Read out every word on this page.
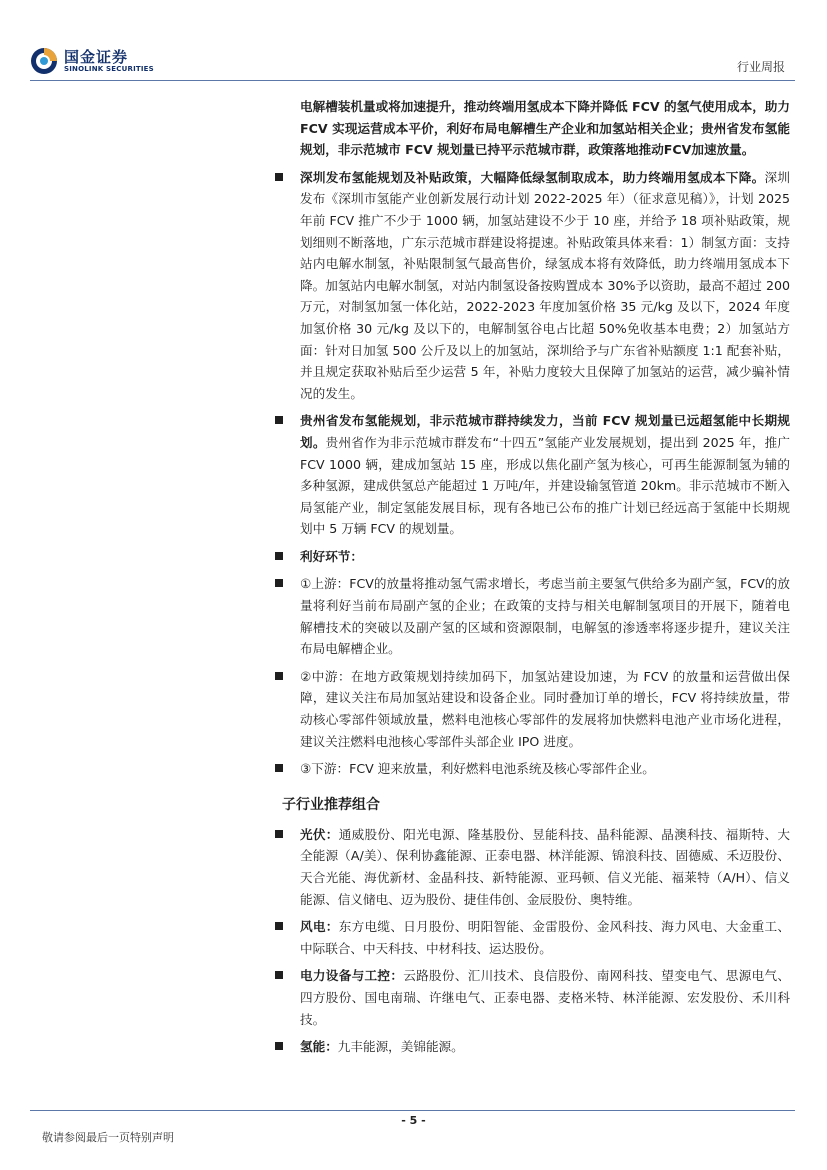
国金证券
SINOLINK SECURITIES	行业周报
电解槽装机量或将加速提升，推动终端用氢成本下降并降低 FCV 的氢气使用成本，助力 FCV 实现运营成本平价，利好布局电解槽生产企业和加氢站相关企业；贵州省发布氢能规划，非示范城市 FCV 规划量已持平示范城市群，政策落地推动FCV加速放量。
深圳发布氢能规划及补贴政策，大幅降低绿氢制取成本，助力终端用氢成本下降。深圳发布《深圳市氢能产业创新发展行动计划 2022-2025 年）（征求意见稿）》，计划 2025 年前 FCV 推广不少于 1000 辆，加氢站建设不少于 10 座，并给予 18 项补贴政策，规划细则不断落地，广东示范城市群建设将提速。补贴政策具体来看：1）制氢方面：支持站内电解水制氢，补贴限制氢气最高售价，绿氢成本将有效降低，助力终端用氢成本下降。加氢站内电解水制氢，对站内制氢设备按购置成本 30%予以资助，最高不超过 200 万元，对制氢加氢一体化站，2022-2023 年度加氢价格 35 元/kg 及以下，2024 年度加氢价格 30 元/kg 及以下的，电解制氢谷电占比超 50%免收基本电费；2）加氢站方面：针对日加氢 500 公斤及以上的加氢站，深圳给予与广东省补贴额度 1:1 配套补贴，并且规定获取补贴后至少运营 5 年，补贴力度较大且保障了加氢站的运营，减少骗补情况的发生。
贵州省发布氢能规划，非示范城市群持续发力，当前 FCV 规划量已远超氢能中长期规划。贵州省作为非示范城市群发布“十四五”氢能产业发展规划，提出到 2025 年，推广 FCV 1000 辆，建成加氢站 15 座，形成以焦化副产氢为核心，可再生能源制氢为辅的多种氢源，建成供氢总产能超过 1 万吨/年，并建设输氢管道 20km。非示范城市不断入局氢能产业，制定氢能发展目标，现有各地已公布的推广计划已经远高于氢能中长期规划中 5 万辆 FCV 的规划量。
利好环节：
①上游：FCV的放量将推动氢气需求增长，考虑当前主要氢气供给多为副产氢，FCV的放量将利好当前布局副产氢的企业；在政策的支持与相关电解制氢项目的开展下，随着电解槽技术的突破以及副产氢的区域和资源限制，电解氢的渗透率将逐步提升，建议关注布局电解槽企业。
②中游：在地方政策规划持续加码下，加氢站建设加速，为 FCV 的放量和运营做出保障，建议关注布局加氢站建设和设备企业。同时叠加订单的增长，FCV 将持续放量，带动核心零部件领域放量，燃料电池核心零部件的发展将加快燃料电池产业市场化进程，建议关注燃料电池核心零部件头部企业 IPO 进度。
③下游：FCV 迎来放量，利好燃料电池系统及核心零部件企业。
子行业推荐组合
光伏：通威股份、阳光电源、隆基股份、昱能科技、晶科能源、晶澳科技、福斯特、大全能源（A/美）、保利协鑫能源、正泰电器、林洋能源、锦浪科技、固德威、禾迈股份、天合光能、海优新材、金晶科技、新特能源、亚玛顿、信义光能、福莱特（A/H）、信义能源、信义储电、迈为股份、捷佳伟创、金辰股份、奥特维。
风电：东方电缆、日月股份、明阳智能、金雷股份、金风科技、海力风电、大金重工、中际联合、中天科技、中材科技、运达股份。
电力设备与工控：云路股份、汇川技术、良信股份、南网科技、望变电气、思源电气、四方股份、国电南瑞、许继电气、正泰电器、麦格米特、林洋能源、宏发股份、禾川科技。
氢能：九丰能源，美锦能源。
- 5 -
敬请参阅最后一页特别声明
